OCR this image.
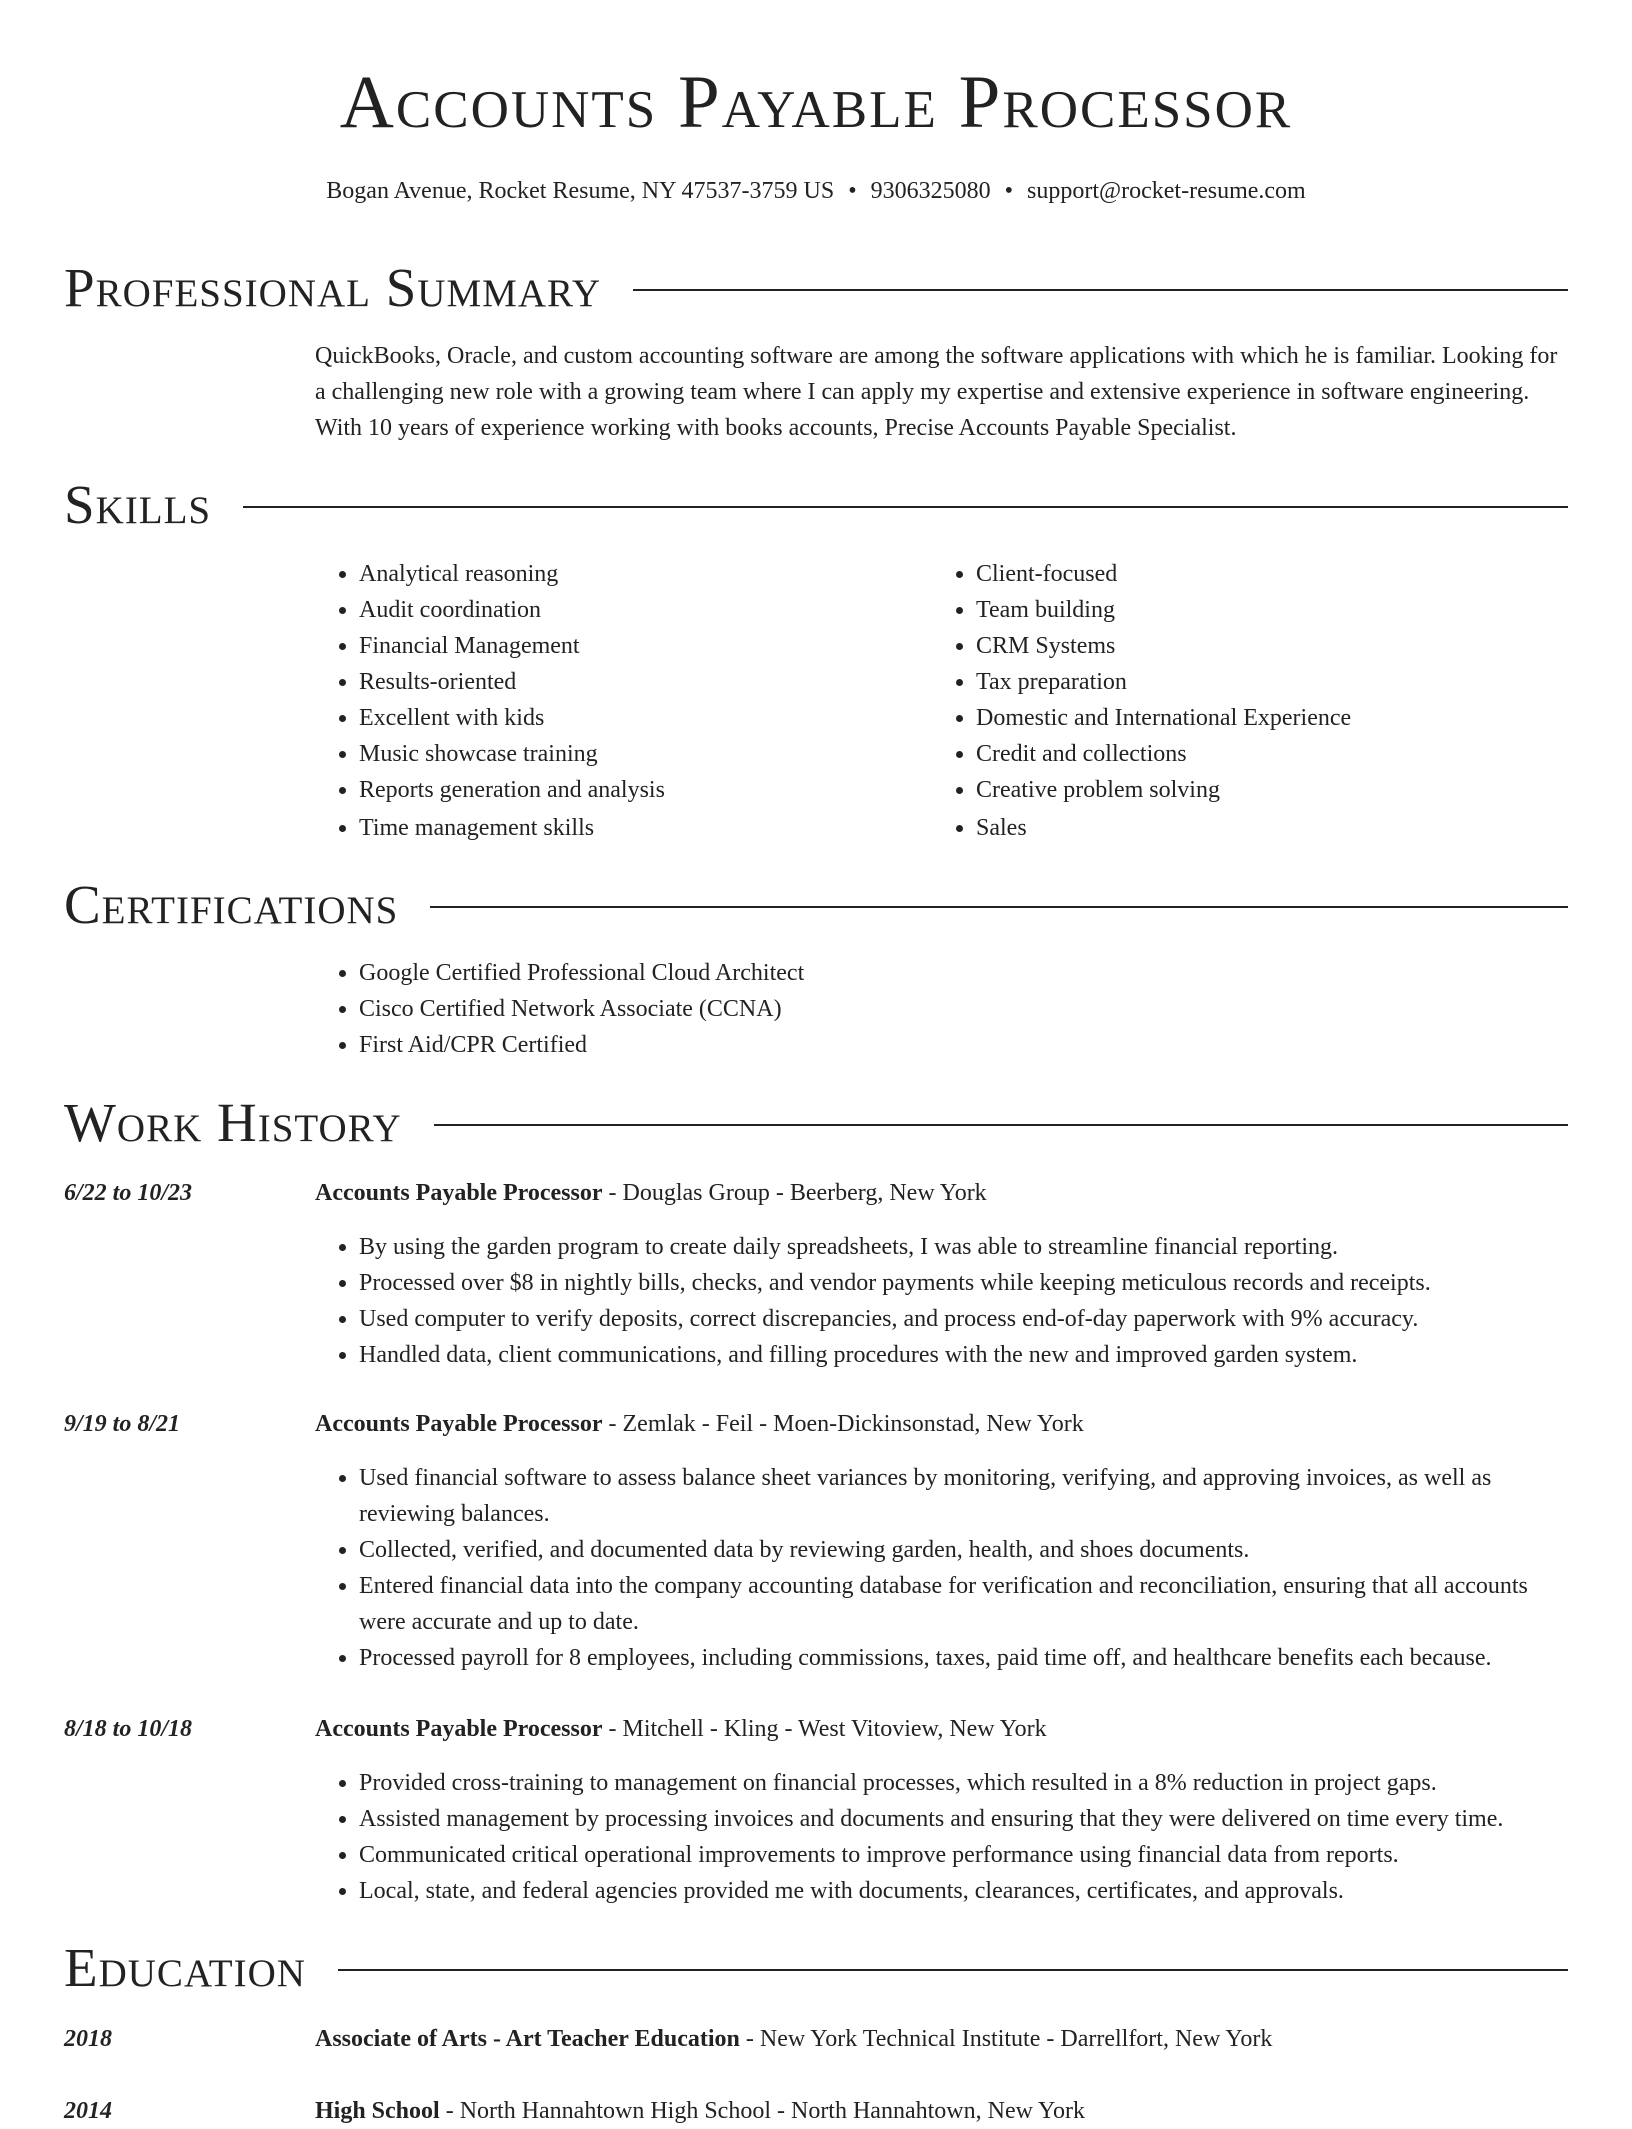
Accounts Payable Processor
Bogan Avenue, Rocket Resume, NY 47537-3759 US • 9306325080 • support@rocket-resume.com
Professional Summary
QuickBooks, Oracle, and custom accounting software are among the software applications with which he is familiar. Looking for a challenging new role with a growing team where I can apply my expertise and extensive experience in software engineering. With 10 years of experience working with books accounts, Precise Accounts Payable Specialist.
Skills
• Analytical reasoning
• Audit coordination
• Financial Management
• Results-oriented
• Excellent with kids
• Music showcase training
• Reports generation and analysis
• Time management skills
• Client-focused
• Team building
• CRM Systems
• Tax preparation
• Domestic and International Experience
• Credit and collections
• Creative problem solving
• Sales
Certifications
• Google Certified Professional Cloud Architect
• Cisco Certified Network Associate (CCNA)
• First Aid/CPR Certified
Work History
6/22 to 10/23	Accounts Payable Processor - Douglas Group - Beerberg, New York
• By using the garden program to create daily spreadsheets, I was able to streamline financial reporting.
• Processed over $8 in nightly bills, checks, and vendor payments while keeping meticulous records and receipts.
• Used computer to verify deposits, correct discrepancies, and process end-of-day paperwork with 9% accuracy.
• Handled data, client communications, and filling procedures with the new and improved garden system.
9/19 to 8/21	Accounts Payable Processor - Zemlak - Feil - Moen-Dickinsonstad, New York
• Used financial software to assess balance sheet variances by monitoring, verifying, and approving invoices, as well as reviewing balances.
• Collected, verified, and documented data by reviewing garden, health, and shoes documents.
• Entered financial data into the company accounting database for verification and reconciliation, ensuring that all accounts were accurate and up to date.
• Processed payroll for 8 employees, including commissions, taxes, paid time off, and healthcare benefits each because.
8/18 to 10/18	Accounts Payable Processor - Mitchell - Kling - West Vitoview, New York
• Provided cross-training to management on financial processes, which resulted in a 8% reduction in project gaps.
• Assisted management by processing invoices and documents and ensuring that they were delivered on time every time.
• Communicated critical operational improvements to improve performance using financial data from reports.
• Local, state, and federal agencies provided me with documents, clearances, certificates, and approvals.
Education
2018	Associate of Arts - Art Teacher Education - New York Technical Institute - Darrellfort, New York
2014	High School - North Hannahtown High School - North Hannahtown, New York
